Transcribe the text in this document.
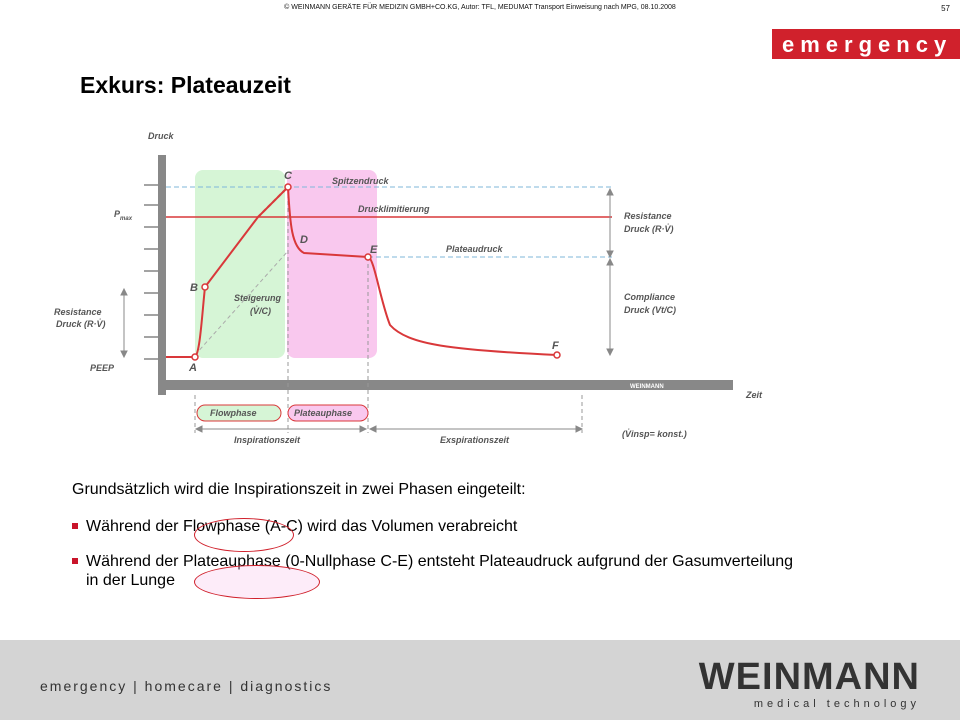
© WEINMANN GERÄTE FÜR MEDIZIN GMBH+CO.KG, Autor: TFL, MEDUMAT Transport Einweisung nach MPG, 08.10.2008	57
emergency
Exkurs: Plateauzeit
WEINMANN
A
B
C
D
E
F
Druck
Zeit
$P_{max}$
PEEP
Resistance
Druck (R·V̇)
Spitzendruck
Drucklimitierung
Plateaudruck
Steigerung
(V̇/C)
Resistance
Druck (R·V̇)
Compliance
Druck (Vt/C)
(V̇insp= konst.)
Flowphase	Plateauphase
Inspirationszeit	Exspirationszeit
Grundsätzlich wird die Inspirationszeit in zwei Phasen eingeteilt:
Während der Flowphase (A-C) wird das Volumen verabreicht
Während der Plateauphase (0-Nullphase C-E) entsteht Plateaudruck aufgrund der Gasumverteilung
in der Lunge
emergency | homecare | diagnostics	WEINMANN
medical technology
